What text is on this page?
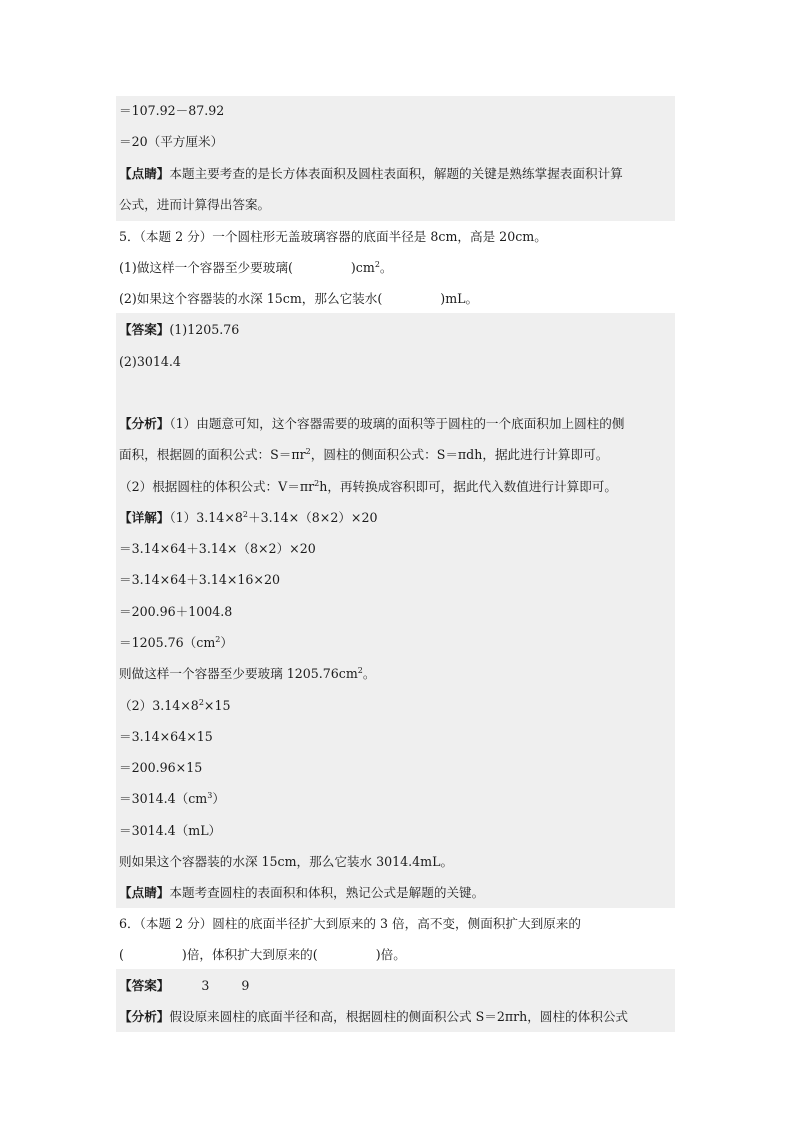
＝107.92－87.92
＝20（平方厘米）
【点睛】本题主要考查的是长方体表面积及圆柱表面积，解题的关键是熟练掌握表面积计算
公式，进而计算得出答案。
5．（本题 2 分）一个圆柱形无盖玻璃容器的底面半径是 8cm，高是 20cm。
(1)做这样一个容器至少要玻璃(	)$cm^2$。
(2)如果这个容器装的水深 15cm，那么它装水(	)mL。
【答案】(1)1205.76
(2)3014.4
【分析】（1）由题意可知，这个容器需要的玻璃的面积等于圆柱的一个底面积加上圆柱的侧
面积，根据圆的面积公式：$S=\pi r^2$，圆柱的侧面积公式：S＝πdh，据此进行计算即可。
（2）根据圆柱的体积公式：$V=\pi r^2h$，再转换成容积即可，据此代入数值进行计算即可。
【详解】$(1)3.14\times 8^2+3.14\times(8\times 2)\times 20$
＝3.14×64＋3.14×（8×2）×20
＝3.14×64＋3.14×16×20
＝200.96＋1004.8
$=1205.76(cm^2)$
则做这样一个容器至少要玻璃 $1205.76cm^2$。
$(2)3.14\times 8^2\times 15$
＝3.14×64×15
＝200.96×15
$=3014.4(cm^3)$
＝3014.4（mL）
则如果这个容器装的水深 15cm，那么它装水 3014.4mL。
【点睛】本题考查圆柱的表面积和体积，熟记公式是解题的关键。
6．（本题 2 分）圆柱的底面半径扩大到原来的 3 倍，高不变，侧面积扩大到原来的
(	)倍，体积扩大到原来的(	)倍。
【答案】	3	9
【分析】假设原来圆柱的底面半径和高，根据圆柱的侧面积公式 S＝2πrh，圆柱的体积公式
